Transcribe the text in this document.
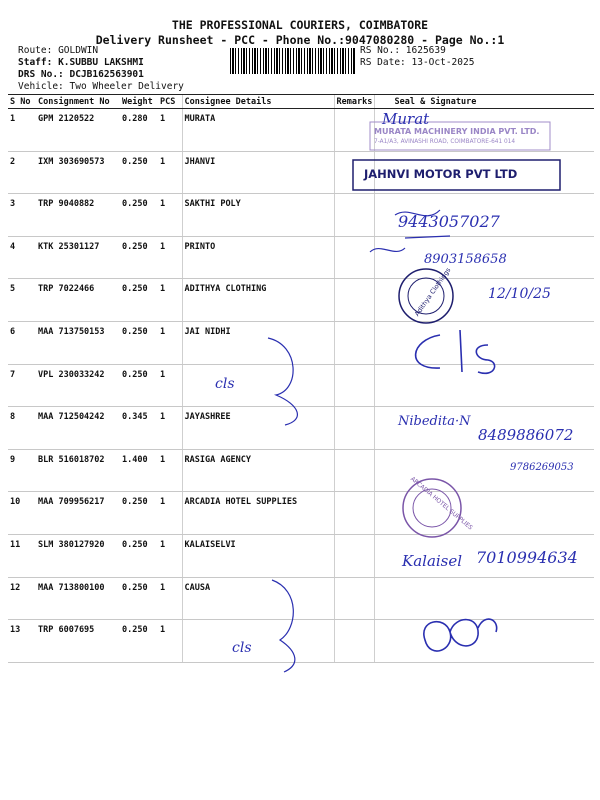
THE PROFESSIONAL COURIERS, COIMBATORE
Delivery Runsheet - PCC - Phone No.:9047080280 - Page No.:1
Route: GOLDWIN
Staff: K.SUBBU LAKSHMI
DRS No.: DCJB162563901
Vehicle: Two Wheeler Delivery
RS No.: 1625639
RS Date: 13-Oct-2025
S No	Consignment No	Weight	PCS	Consignee Details	Remarks	Seal & Signature
1	GPM 2120522	0.280	1	MURATA		
2	IXM 303690573	0.250	1	JHANVI		
3	TRP 9040882	0.250	1	SAKTHI POLY		
4	KTK 25301127	0.250	1	PRINTO		
5	TRP 7022466	0.250	1	ADITHYA CLOTHING		
6	MAA 713750153	0.250	1	JAI NIDHI		
7	VPL 230033242	0.250	1			
8	MAA 712504242	0.345	1	JAYASHREE		
9	BLR 516018702	1.400	1	RASIGA AGENCY		
10	MAA 709956217	0.250	1	ARCADIA HOTEL SUPPLIES		
11	SLM 380127920	0.250	1	KALAISELVI		
12	MAA 713800100	0.250	1	CAUSA		
13	TRP 6007695	0.250	1			
MURATA MACHINERY INDIA PVT. LTD.
7-A1/A3, AVINASHI ROAD, COIMBATORE-641 014
JAHNVI MOTOR PVT LTD
Adithya Clothings
ARCADIA HOTEL SUPPLIES
Murat
9443057027
8903158658
12/10/25
cls
Nibedita·N
8489886072
9786269053
Kalaisel 7010994634
cls
